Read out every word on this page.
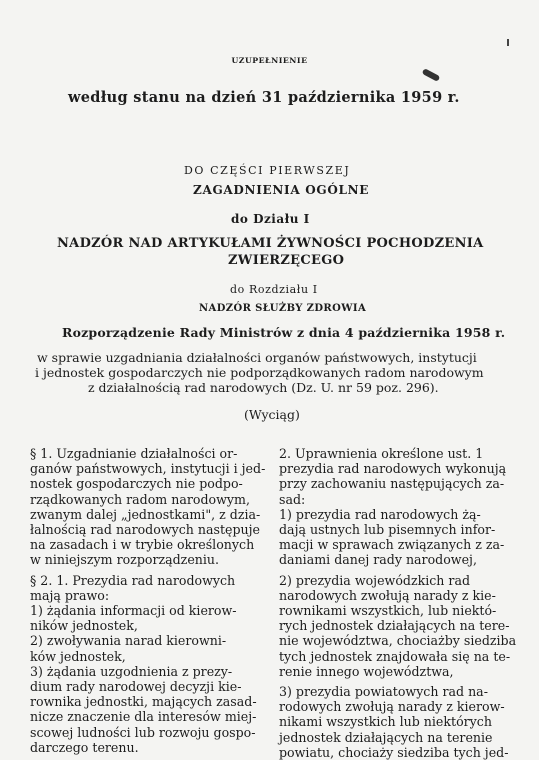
UZUPEŁNIENIE
według stanu na dzień 31 października 1959 r.
DO CZĘŚCI PIERWSZEJ
ZAGADNIENIA OGÓLNE
do Działu I
NADZÓR NAD ARTYKUŁAMI ŻYWNOŚCI POCHODZENIA
ZWIERZĘCEGO
do Rozdziału I
NADZÓR SŁUŻBY ZDROWIA
Rozporządzenie Rady Ministrów z dnia 4 października 1958 r.
w sprawie uzgadniania działalności organów państwowych, instytucji
i jednostek gospodarczych nie podporządkowanych radom narodowym
z działalnością rad narodowych (Dz. U. nr 59 poz. 296).
(Wyciąg)
§ 1. Uzgadnianie działalności or-
ganów państwowych, instytucji i jed-
nostek gospodarczych nie podpo-
rządkowanych radom narodowym,
zwanym dalej „jednostkami", z dzia-
łalnością rad narodowych następuje
na zasadach i w trybie określonych
w niniejszym rozporządzeniu.
§ 2. 1. Prezydia rad narodowych
mają prawo:
1) żądania informacji od kierow-
ników jednostek,
2) zwoływania narad kierowni-
ków jednostek,
3) żądania uzgodnienia z prezy-
dium rady narodowej decyzji kie-
rownika jednostki, mających zasad-
nicze znaczenie dla interesów miej-
scowej ludności lub rozwoju gospo-
darczego terenu.
2. Uprawnienia określone ust. 1
prezydia rad narodowych wykonują
przy zachowaniu następujących za-
sad:
1) prezydia rad narodowych żą-
dają ustnych lub pisemnych infor-
macji w sprawach związanych z za-
daniami danej rady narodowej,
2) prezydia wojewódzkich rad
narodowych zwołują narady z kie-
rownikami wszystkich, lub niektó-
rych jednostek działających na tere-
nie województwa, chociażby siedziba
tych jednostek znajdowała się na te-
renie innego województwa,
3) prezydia powiatowych rad na-
rodowych zwołują narady z kierow-
nikami wszystkich lub niektórych
jednostek działających na terenie
powiatu, chociaży siedziba tych jed-
